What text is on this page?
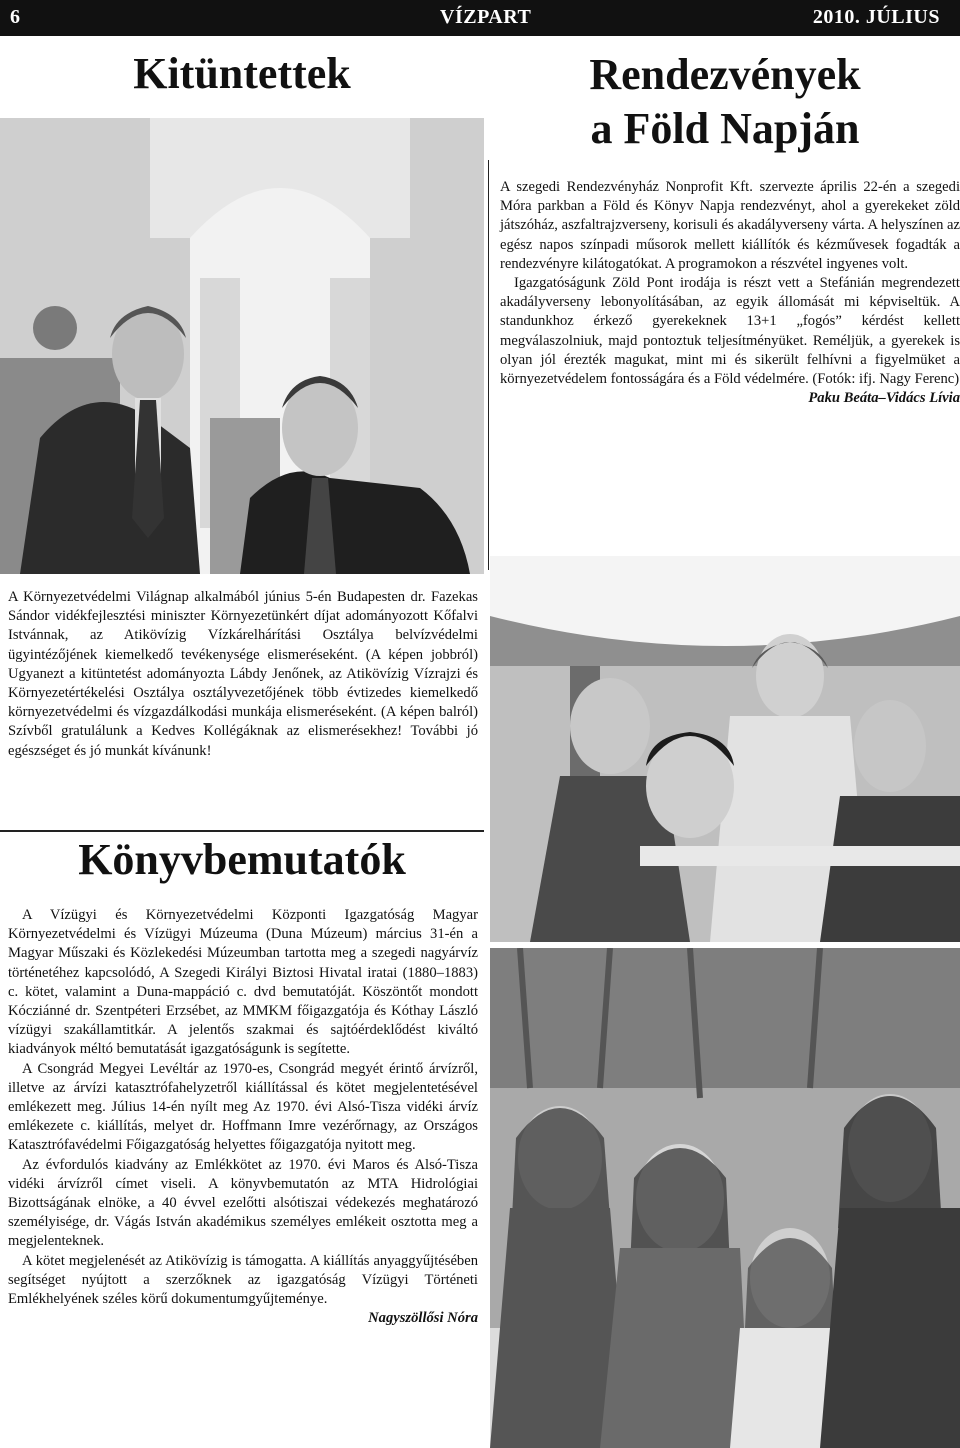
6	VÍZPART	2010. JÚLIUS
Kitüntettek	Rendezvények
a Föld Napján

A szegedi Rendezvényház Nonprofit Kft. szervezte április 22-én a szegedi Móra parkban a Föld és Könyv Napja rendezvényt, ahol a gyerekeket zöld játszóház, aszfaltrajzverseny, korisuli és akadályverseny várta. A helyszínen az egész napos színpadi műsorok mellett kiállítók és kézművesek fogadták a rendezvényre kilátogatókat. A programokon a részvétel ingyenes volt.

Igazgatóságunk Zöld Pont irodája is részt vett a Stefánián megrendezett akadályverseny lebonyolításában, az egyik állomását mi képviseltük. A standunkhoz érkező gyerekeknek 13+1 „fogós” kérdést kellett megválaszolniuk, majd pontoztuk teljesítményüket. Reméljük, a gyerekek is olyan jól érezték magukat, mint mi és sikerült felhívni a figyelmüket a környezetvédelem fontosságára és a Föld védelmére. (Fotók: ifj. Nagy Ferenc)

Paku Beáta–Vidács Lívia

A Környezetvédelmi Világnap alkalmából június 5-én Budapesten dr. Fazekas Sándor vidékfejlesztési miniszter Környezetünkért díjat adományozott Kőfalvi Istvánnak, az Atikövízig Vízkárelhárítási Osztálya belvízvédelmi ügyintézőjének kiemelkedő tevékenysége elismeréseként. (A képen jobbról) Ugyanezt a kitüntetést adományozta Lábdy Jenőnek, az Atikövízig Vízrajzi és Környezetértékelési Osztálya osztályvezetőjének több évtizedes kiemelkedő környezetvédelmi és vízgazdálkodási munkája elismeréseként. (A képen balról) Szívből gratulálunk a Kedves Kollégáknak az elismerésekhez! További jó egészséget és jó munkát kívánunk!

Könyvbemutatók

A Vízügyi és Környezetvédelmi Központi Igazgatóság Magyar Környezetvédelmi és Vízügyi Múzeuma (Duna Múzeum) március 31-én a Magyar Műszaki és Közlekedési Múzeumban tartotta meg a szegedi nagyárvíz történetéhez kapcsolódó, A Szegedi Királyi Biztosi Hivatal iratai (1880–1883) c. kötet, valamint a Duna-mappáció c. dvd bemutatóját. Köszöntőt mondott Kócziánné dr. Szentpéteri Erzsébet, az MMKM főigazgatója és Kóthay László vízügyi szakállamtitkár. A jelentős szakmai és sajtóérdeklődést kiváltó kiadványok méltó bemutatását igazgatóságunk is segítette.

A Csongrád Megyei Levéltár az 1970-es, Csongrád megyét érintő árvízről, illetve az árvízi katasztrófahelyzetről kiállítással és kötet megjelentetésével emlékezett meg. Július 14-én nyílt meg Az 1970. évi Alsó-Tisza vidéki árvíz emlékezete c. kiállítás, melyet dr. Hoffmann Imre vezérőrnagy, az Országos Katasztrófavédelmi Főigazgatóság helyettes főigazgatója nyitott meg.

Az évfordulós kiadvány az Emlékkötet az 1970. évi Maros és Alsó-Tisza vidéki árvízről címet viseli. A könyvbemutatón az MTA Hidrológiai Bizottságának elnöke, a 40 évvel ezelőtti alsótiszai védekezés meghatározó személyisége, dr. Vágás István akadémikus személyes emlékeit osztotta meg a megjelenteknek.

A kötet megjelenését az Atikövízig is támogatta. A kiállítás anyaggyűjtésében segítséget nyújtott a szerzőknek az igazgatóság Vízügyi Történeti Emlékhelyének széles körű dokumentumgyűjteménye.

Nagyszöllősi Nóra
